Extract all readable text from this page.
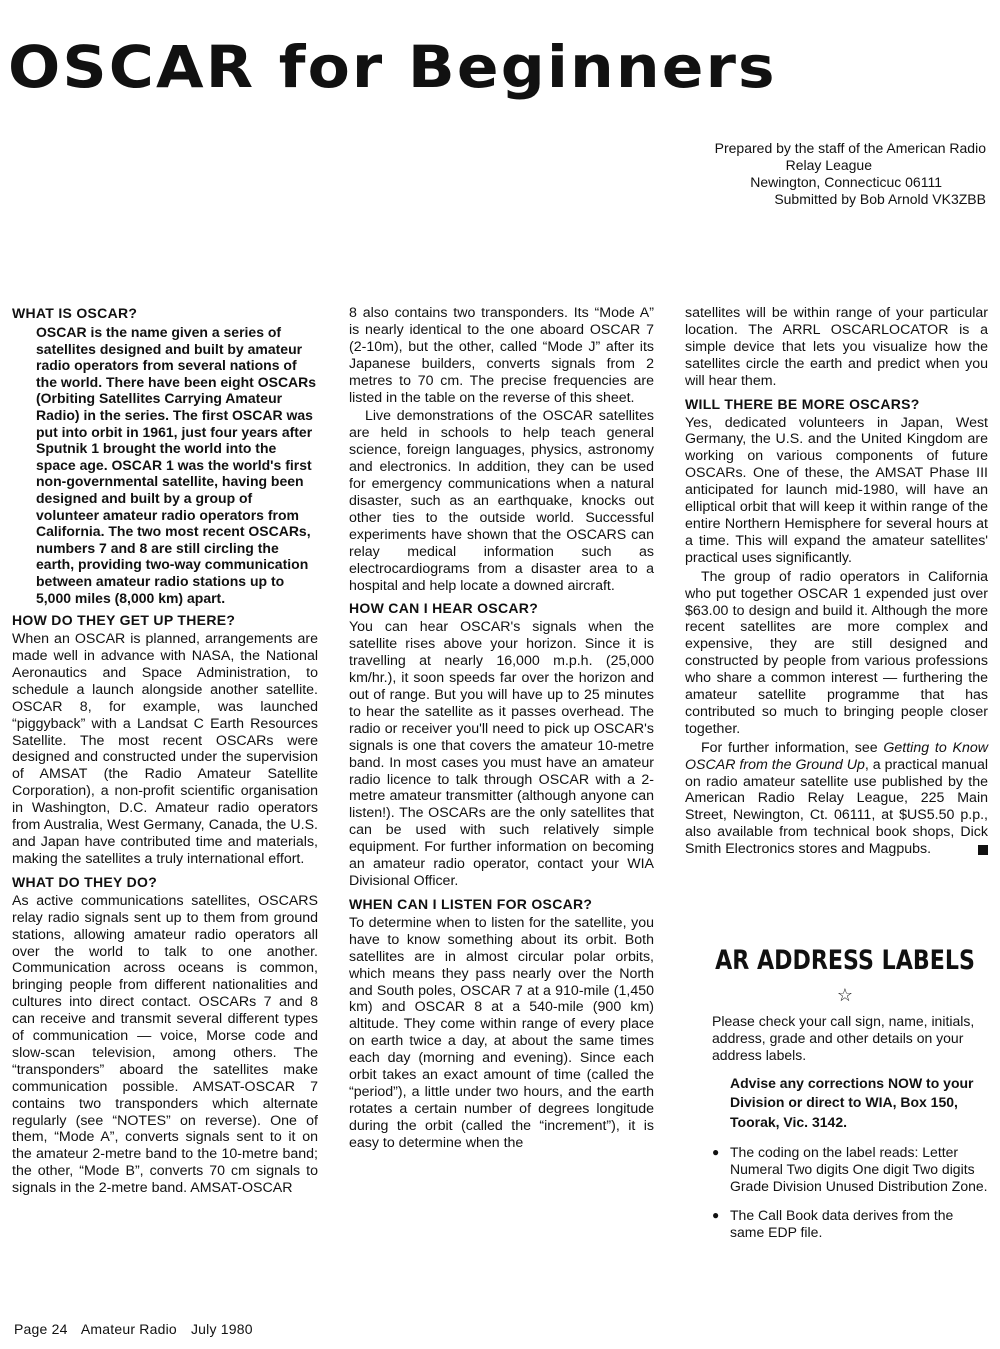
OSCAR for Beginners
Prepared by the staff of the American Radio
Relay League
Newington, Connecticuc 06111
Submitted by Bob Arnold VK3ZBB
WHAT IS OSCAR?

OSCAR is the name given a series of satellites designed and built by amateur radio operators from several nations of the world. There have been eight OSCARs (Orbiting Satellites Carrying Amateur Radio) in the series. The first OSCAR was put into orbit in 1961, just four years after Sputnik 1 brought the world into the space age. OSCAR 1 was the world's first non-governmental satellite, having been designed and built by a group of volunteer amateur radio operators from California. The two most recent OSCARs, numbers 7 and 8 are still circling the earth, providing two-way communication between amateur radio stations up to 5,000 miles (8,000 km) apart.

HOW DO THEY GET UP THERE?

When an OSCAR is planned, arrangements are made well in advance with NASA, the National Aeronautics and Space Administration, to schedule a launch alongside another satellite. OSCAR 8, for example, was launched “piggyback” with a Landsat C Earth Resources Satellite. The most recent OSCARs were designed and constructed under the supervision of AMSAT (the Radio Amateur Satellite Corporation), a non-profit scientific organisation in Washington, D.C. Amateur radio operators from Australia, West Germany, Canada, the U.S. and Japan have contributed time and materials, making the satellites a truly international effort.

WHAT DO THEY DO?

As active communications satellites, OSCARS relay radio signals sent up to them from ground stations, allowing amateur radio operators all over the world to talk to one another. Communication across oceans is common, bringing people from different nationalities and cultures into direct contact. OSCARs 7 and 8 can receive and transmit several different types of communication — voice, Morse code and slow-scan television, among others. The “transponders” aboard the satellites make communication possible. AMSAT-OSCAR 7 contains two transponders which alternate regularly (see “NOTES” on reverse). One of them, “Mode A”, converts signals sent to it on the amateur 2-metre band to the 10-metre band; the other, “Mode B”, converts 70 cm signals to signals in the 2-metre band. AMSAT-OSCAR

8 also contains two transponders. Its “Mode A” is nearly identical to the one aboard OSCAR 7 (2-10m), but the other, called “Mode J” after its Japanese builders, converts signals from 2 metres to 70 cm. The precise frequencies are listed in the table on the reverse of this sheet.

Live demonstrations of the OSCAR satellites are held in schools to help teach general science, foreign languages, physics, astronomy and electronics. In addition, they can be used for emergency communications when a natural disaster, such as an earthquake, knocks out other ties to the outside world. Successful experiments have shown that the OSCARS can relay medical information such as electrocardiograms from a disaster area to a hospital and help locate a downed aircraft.

HOW CAN I HEAR OSCAR?

You can hear OSCAR's signals when the satellite rises above your horizon. Since it is travelling at nearly 16,000 m.p.h. (25,000 km/hr.), it soon speeds far over the horizon and out of range. But you will have up to 25 minutes to hear the satellite as it passes overhead. The radio or receiver you'll need to pick up OSCAR's signals is one that covers the amateur 10-metre band. In most cases you must have an amateur radio licence to talk through OSCAR with a 2-metre amateur transmitter (although anyone can listen!). The OSCARs are the only satellites that can be used with such relatively simple equipment. For further information on becoming an amateur radio operator, contact your WIA Divisional Officer.

WHEN CAN I LISTEN FOR OSCAR?

To determine when to listen for the satellite, you have to know something about its orbit. Both satellites are in almost circular polar orbits, which means they pass nearly over the North and South poles, OSCAR 7 at a 910-mile (1,450 km) and OSCAR 8 at a 540-mile (900 km) altitude. They come within range of every place on earth twice a day, at about the same times each day (morning and evening). Since each orbit takes an exact amount of time (called the “period”), a little under two hours, and the earth rotates a certain number of degrees longitude during the orbit (called the “increment”), it is easy to determine when the

satellites will be within range of your particular location. The ARRL OSCARLOCATOR is a simple device that lets you visualize how the satellites circle the earth and predict when you will hear them.

WILL THERE BE MORE OSCARS?

Yes, dedicated volunteers in Japan, West Germany, the U.S. and the United Kingdom are working on various components of future OSCARs. One of these, the AMSAT Phase III anticipated for launch mid-1980, will have an elliptical orbit that will keep it within range of the entire Northern Hemisphere for several hours at a time. This will expand the amateur satellites' practical uses significantly.

The group of radio operators in California who put together OSCAR 1 expended just over $63.00 to design and build it. Although the more recent satellites are more complex and expensive, they are still designed and constructed by people from various professions who share a common interest — furthering the amateur satellite programme that has contributed so much to bringing people closer together.

For further information, see Getting to Know OSCAR from the Ground Up, a practical manual on radio amateur satellite use published by the American Radio Relay League, 225 Main Street, Newington, Ct. 06111, at $US5.50 p.p., also available from technical book shops, Dick Smith Electronics stores and Magpubs.

AR ADDRESS LABELS
☆

Please check your call sign, name, initials, address, grade and other details on your address labels.

Advise any corrections NOW to your Division or direct to WIA, Box 150, Toorak, Vic. 3142.

● The coding on the label reads: Letter Numeral Two digits One digit Two digits Grade Division Unused Distribution Zone.
● The Call Book data derives from the same EDP file.
Page 24 Amateur Radio July 1980
